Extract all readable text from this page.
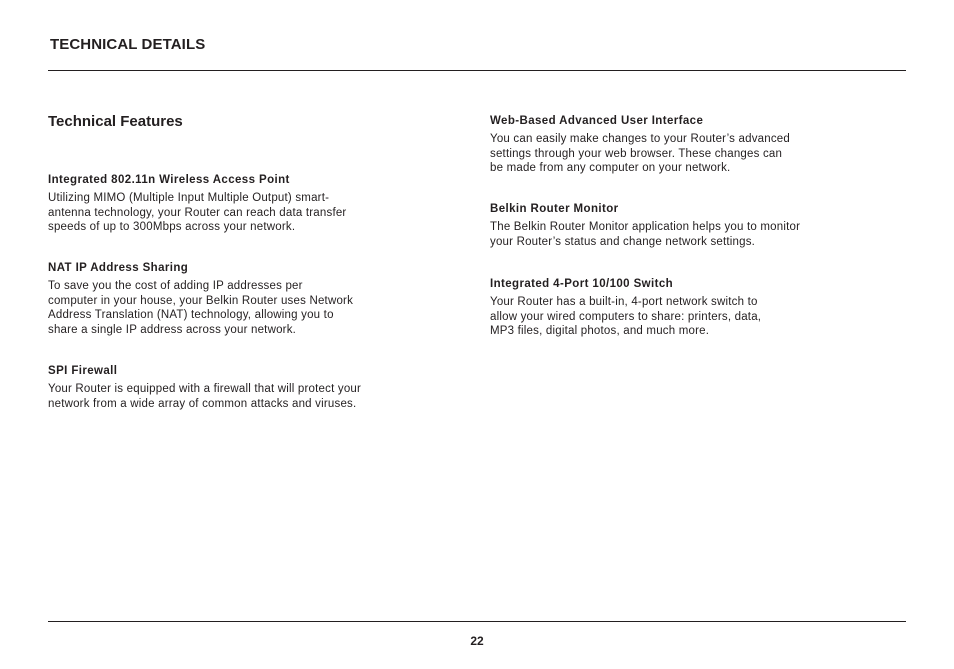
TECHNICAL DETAILS
Technical Features
Integrated 802.11n Wireless Access Point

Utilizing MIMO (Multiple Input Multiple Output) smart-
antenna technology, your Router can reach data transfer
speeds of up to 300Mbps across your network.

NAT IP Address Sharing

To save you the cost of adding IP addresses per
computer in your house, your Belkin Router uses Network
Address Translation (NAT) technology, allowing you to
share a single IP address across your network.

SPI Firewall

Your Router is equipped with a firewall that will protect your
network from a wide array of common attacks and viruses.

Web-Based Advanced User Interface

You can easily make changes to your Router’s advanced
settings through your web browser. These changes can
be made from any computer on your network.

Belkin Router Monitor

The Belkin Router Monitor application helps you to monitor
your Router’s status and change network settings.

Integrated 4-Port 10/100 Switch

Your Router has a built-in, 4-port network switch to
allow your wired computers to share: printers, data,
MP3 files, digital photos, and much more.

22
